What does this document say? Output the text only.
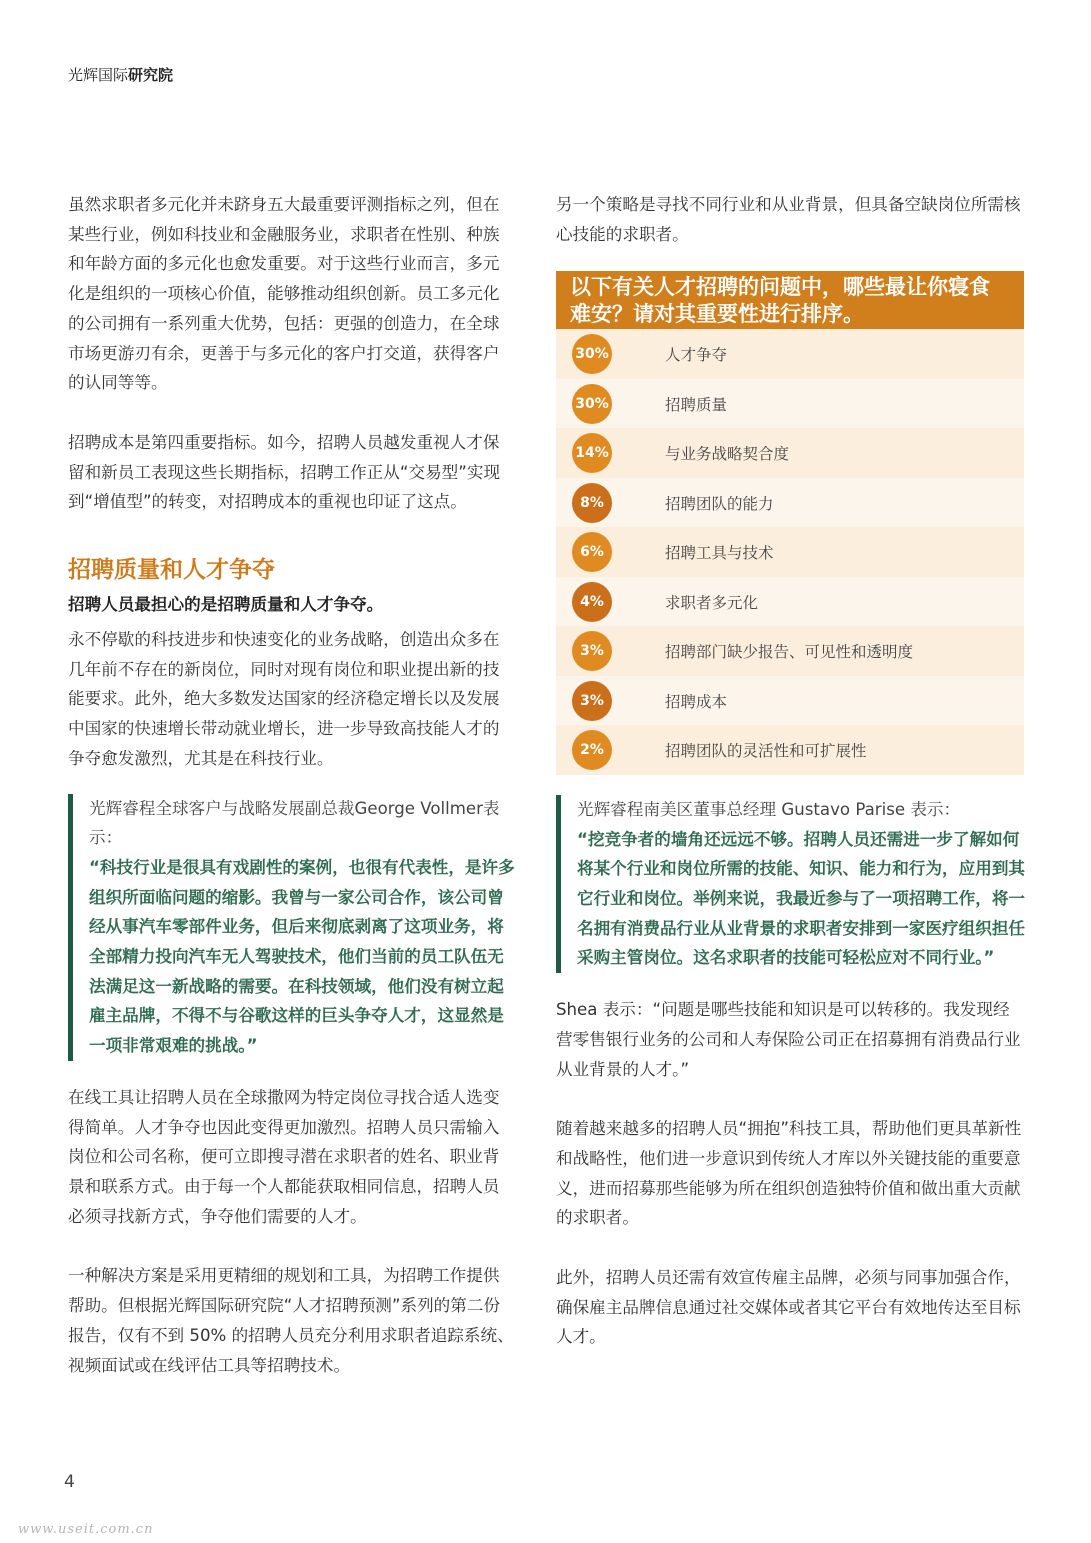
光辉国际研究院

虽然求职者多元化并未跻身五大最重要评测指标之列，但在某些行业，例如科技业和金融服务业，求职者在性别、种族和年龄方面的多元化也愈发重要。对于这些行业而言，多元化是组织的一项核心价值，能够推动组织创新。员工多元化的公司拥有一系列重大优势，包括：更强的创造力，在全球市场更游刃有余，更善于与多元化的客户打交道，获得客户的认同等等。

招聘成本是第四重要指标。如今，招聘人员越发重视人才保留和新员工表现这些长期指标，招聘工作正从“交易型”实现到“增值型”的转变，对招聘成本的重视也印证了这点。

招聘质量和人才争夺

招聘人员最担心的是招聘质量和人才争夺。

永不停歇的科技进步和快速变化的业务战略，创造出众多在几年前不存在的新岗位，同时对现有岗位和职业提出新的技能要求。此外，绝大多数发达国家的经济稳定增长以及发展中国家的快速增长带动就业增长，进一步导致高技能人才的争夺愈发激烈，尤其是在科技行业。

光辉睿程全球客户与战略发展副总裁George Vollmer表示：

“科技行业是很具有戏剧性的案例，也很有代表性，是许多组织所面临问题的缩影。我曾与一家公司合作，该公司曾经从事汽车零部件业务，但后来彻底剥离了这项业务，将全部精力投向汽车无人驾驶技术，他们当前的员工队伍无法满足这一新战略的需要。在科技领域，他们没有树立起雇主品牌，不得不与谷歌这样的巨头争夺人才，这显然是一项非常艰难的挑战。”

在线工具让招聘人员在全球撒网为特定岗位寻找合适人选变得简单。人才争夺也因此变得更加激烈。招聘人员只需输入岗位和公司名称，便可立即搜寻潜在求职者的姓名、职业背景和联系方式。由于每一个人都能获取相同信息，招聘人员必须寻找新方式，争夺他们需要的人才。

一种解决方案是采用更精细的规划和工具，为招聘工作提供帮助。但根据光辉国际研究院“人才招聘预测”系列的第二份报告，仅有不到 50% 的招聘人员充分利用求职者追踪系统、视频面试或在线评估工具等招聘技术。

另一个策略是寻找不同行业和从业背景，但具备空缺岗位所需核心技能的求职者。

以下有关人才招聘的问题中，哪些最让你寝食难安？请对其重要性进行排序。
30%	人才争夺
30%	招聘质量
14%	与业务战略契合度
8%	招聘团队的能力
6%	招聘工具与技术
4%	求职者多元化
3%	招聘部门缺少报告、可见性和透明度
3%	招聘成本
2%	招聘团队的灵活性和可扩展性

光辉睿程南美区董事总经理 Gustavo Parise 表示：

“挖竞争者的墙角还远远不够。招聘人员还需进一步了解如何将某个行业和岗位所需的技能、知识、能力和行为，应用到其它行业和岗位。举例来说，我最近参与了一项招聘工作，将一名拥有消费品行业从业背景的求职者安排到一家医疗组织担任采购主管岗位。这名求职者的技能可轻松应对不同行业。”

Shea 表示：“问题是哪些技能和知识是可以转移的。我发现经营零售银行业务的公司和人寿保险公司正在招募拥有消费品行业从业背景的人才。”

随着越来越多的招聘人员“拥抱”科技工具，帮助他们更具革新性和战略性，他们进一步意识到传统人才库以外关键技能的重要意义，进而招募那些能够为所在组织创造独特价值和做出重大贡献的求职者。

此外，招聘人员还需有效宣传雇主品牌，必须与同事加强合作，确保雇主品牌信息通过社交媒体或者其它平台有效地传达至目标人才。

4
www.useit.com.cn
